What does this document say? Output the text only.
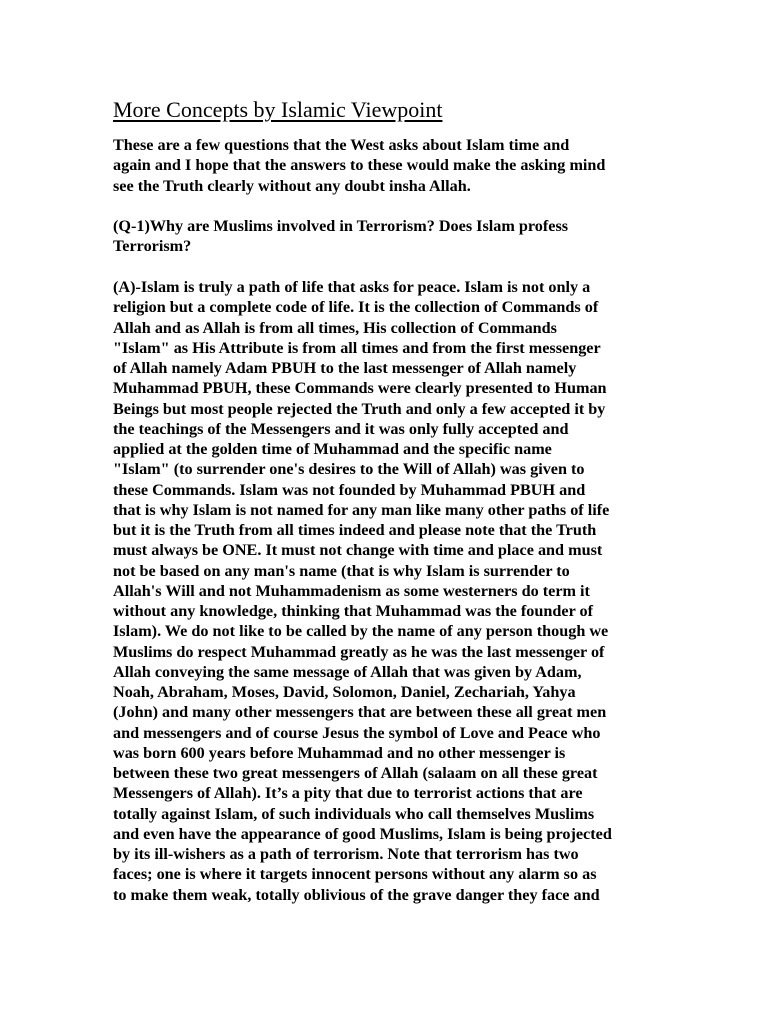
More Concepts by Islamic Viewpoint
These are a few questions that the West asks about Islam time and
again and I hope that the answers to these would make the asking mind
see the Truth clearly without any doubt insha Allah.
(Q-1)Why are Muslims involved in Terrorism? Does Islam profess
Terrorism?
(A)-Islam is truly a path of life that asks for peace. Islam is not only a
religion but a complete code of life. It is the collection of Commands of
Allah and as Allah is from all times, His collection of Commands
"Islam" as His Attribute is from all times and from the first messenger
of Allah namely Adam PBUH to the last messenger of Allah namely
Muhammad PBUH, these Commands were clearly presented to Human
Beings but most people rejected the Truth and only a few accepted it by
the teachings of the Messengers and it was only fully accepted and
applied at the golden time of Muhammad and the specific name
"Islam" (to surrender one's desires to the Will of Allah) was given to
these Commands. Islam was not founded by Muhammad PBUH and
that is why Islam is not named for any man like many other paths of life
but it is the Truth from all times indeed and please note that the Truth
must always be ONE. It must not change with time and place and must
not be based on any man's name (that is why Islam is surrender to
Allah's Will and not Muhammadenism as some westerners do term it
without any knowledge, thinking that Muhammad was the founder of
Islam). We do not like to be called by the name of any person though we
Muslims do respect Muhammad greatly as he was the last messenger of
Allah conveying the same message of Allah that was given by Adam,
Noah, Abraham, Moses, David, Solomon, Daniel, Zechariah, Yahya
(John) and many other messengers that are between these all great men
and messengers and of course Jesus the symbol of Love and Peace who
was born 600 years before Muhammad and no other messenger is
between these two great messengers of Allah (salaam on all these great
Messengers of Allah). It’s a pity that due to terrorist actions that are
totally against Islam, of such individuals who call themselves Muslims
and even have the appearance of good Muslims, Islam is being projected
by its ill-wishers as a path of terrorism. Note that terrorism has two
faces; one is where it targets innocent persons without any alarm so as
to make them weak, totally oblivious of the grave danger they face and
